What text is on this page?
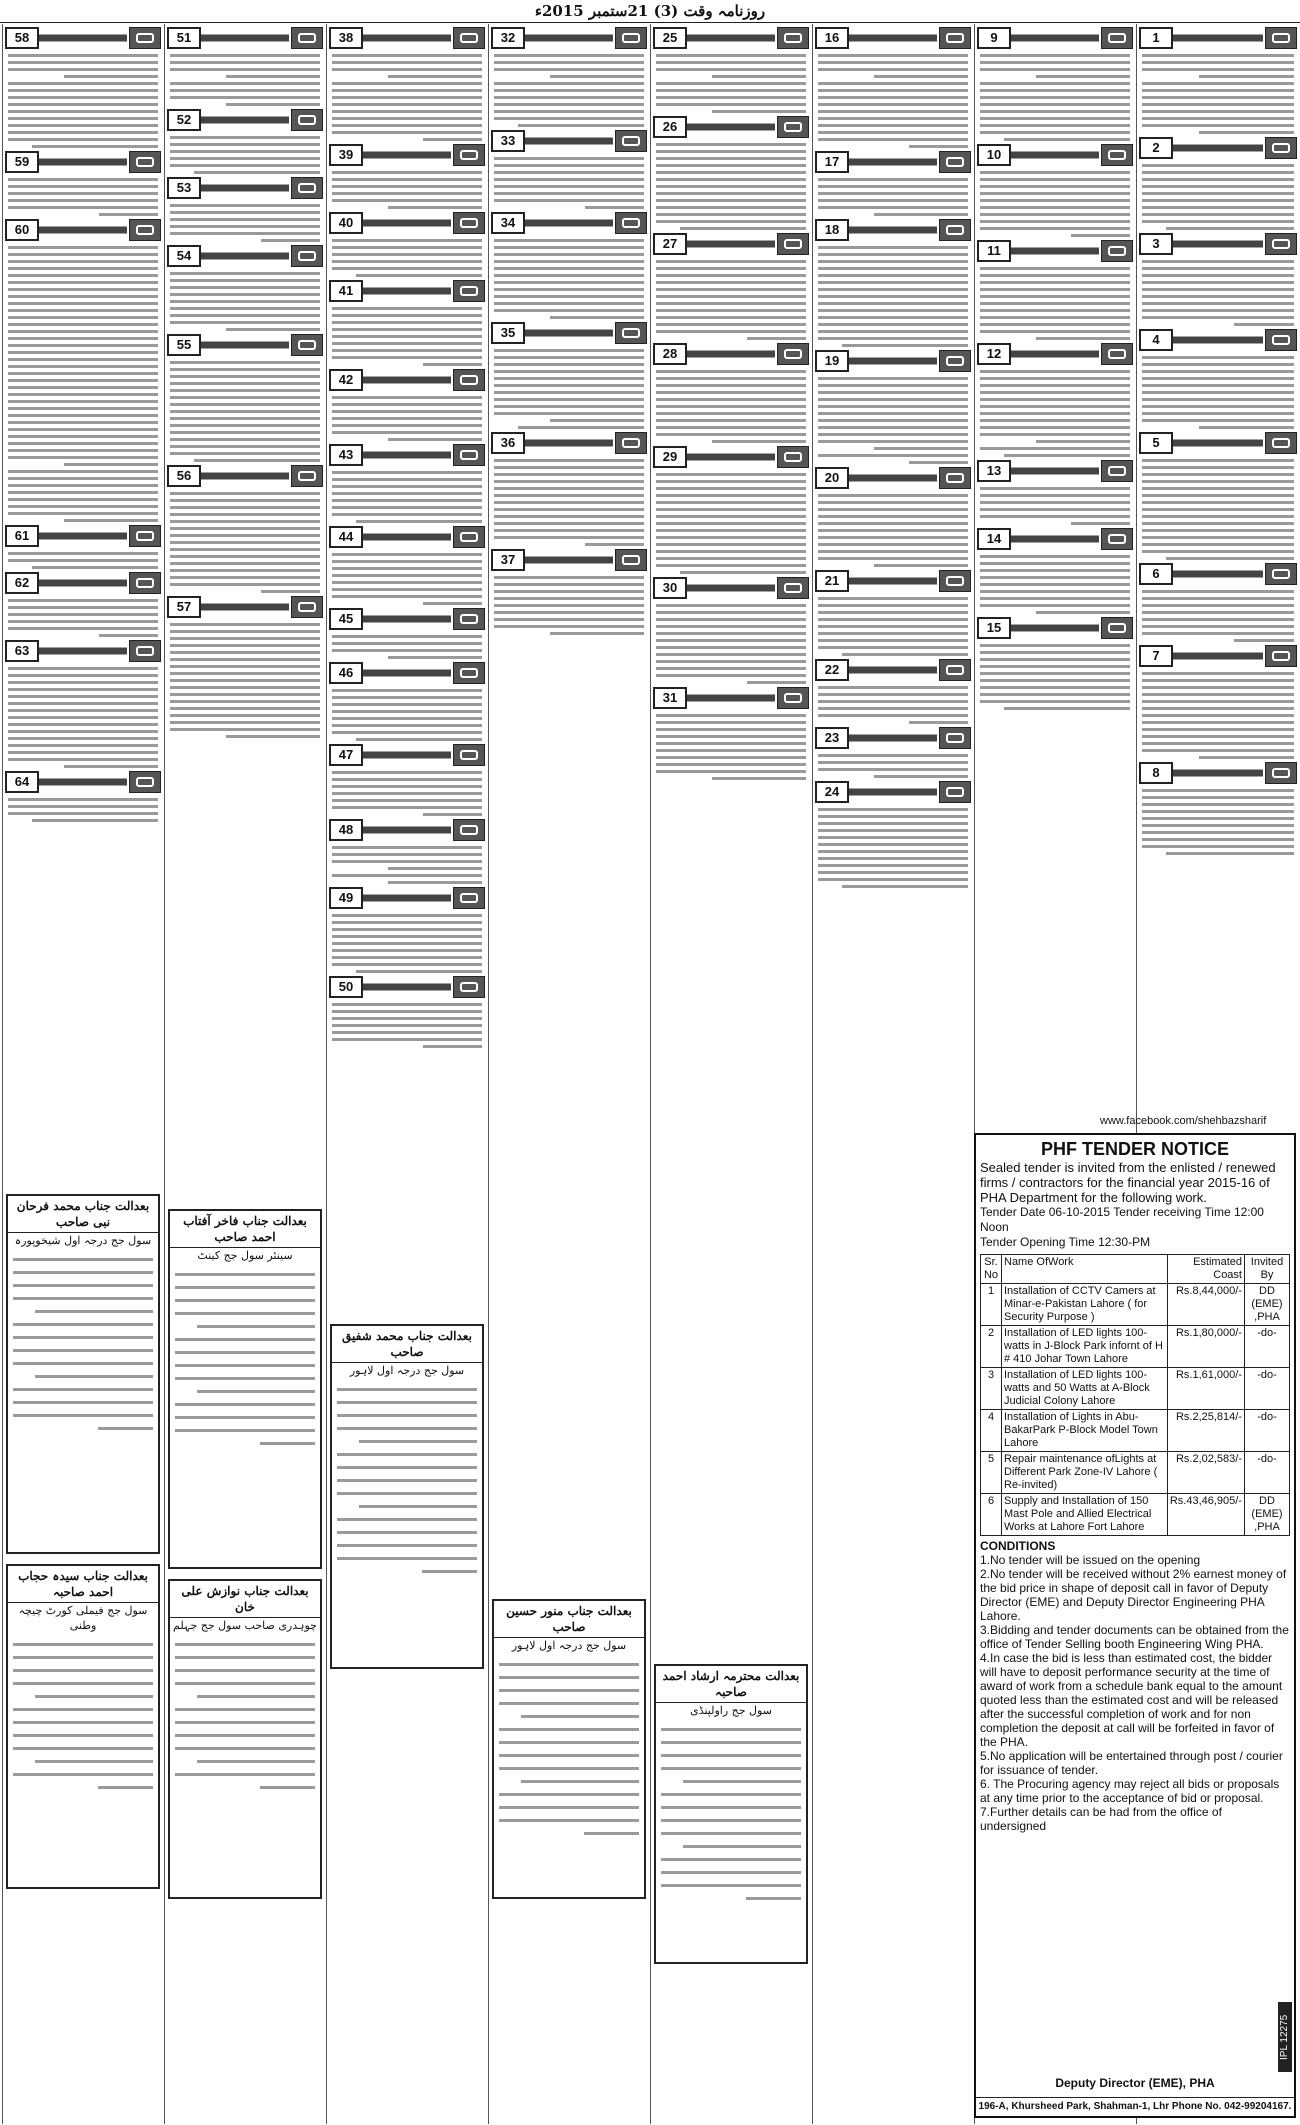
روزنامہ وقت (3) 21ستمبر 2015ء
1
2
3
4
5
6
7
8
9
10
11
12
13
14
15
16
17
18
19
20
21
22
23
24
25
26
27
28
29
30
31
بعدالت محترمہ ارشاد احمد صاحبہ
سول جج راولپنڈی
32
33
34
35
36
37
بعدالت جناب منور حسین صاحب
سول جج درجہ اول لاہور
38
39
40
41
42
43
44
45
46
47
48
49
50
بعدالت جناب محمد شفیق صاحب
سول جج درجہ اول لاہور
51
52
53
54
55
56
57
بعدالت جناب فاخر آفتاب احمد صاحب
سینئر سول جج کینٹ
بعدالت جناب نوازش علی خان
چوہدری صاحب سول جج جہلم
58
59
60
61
62
63
64
بعدالت جناب محمد فرحان نبی صاحب
سول جج درجہ اول شیخوپورہ
بعدالت جناب سیدہ حجاب احمد صاحبہ
سول جج فیملی کورٹ چیچہ وطنی
www.facebook.com/shehbazsharif
PHF TENDER NOTICE
Sealed tender is invited from the enlisted / renewed firms / contractors for the financial year 2015-16 of PHA Department for the following work.
Tender Date 06-10-2015 Tender receiving Time 12:00 Noon
Tender Opening Time 12:30-PM
Sr. No	Name OfWork	Estimated Coast	Invited By
1	Installation of CCTV Camers at Minar-e-Pakistan Lahore ( for Security Purpose )	Rs.8,44,000/-	DD (EME) ,PHA
2	Installation of LED lights 100-watts in J-Block Park infornt of H # 410 Johar Town Lahore	Rs.1,80,000/-	-do-
3	Installation of LED lights 100-watts and 50 Watts at A-Block Judicial Colony Lahore	Rs.1,61,000/-	-do-
4	Installation of Lights in Abu-BakarPark P-Block Model Town Lahore	Rs.2,25,814/-	-do-
5	Repair maintenance ofLights at Different Park Zone-IV Lahore ( Re-invited)	Rs.2,02,583/-	-do-
6	Supply and Installation of 150 Mast Pole and Allied Electrical Works at Lahore Fort Lahore	Rs.43,46,905/-	DD (EME) ,PHA
CONDITIONS
1.No tender will be issued on the opening
2.No tender will be received without 2% earnest money of the bid price in shape of deposit call in favor of Deputy Director (EME) and Deputy Director Engineering PHA Lahore.
3.Bidding and tender documents can be obtained from the office of Tender Selling booth Engineering Wing PHA.
4.In case the bid is less than estimated cost, the bidder will have to deposit performance security at the time of award of work from a schedule bank equal to the amount quoted less than the estimated cost and will be released after the successful completion of work and for non completion the deposit at call will be forfeited in favor of the PHA.
5.No application will be entertained through post / courier for issuance of tender.
6. The Procuring agency may reject all bids or proposals at any time prior to the acceptance of bid or proposal.
7.Further details can be had from the office of undersigned
Deputy Director (EME), PHA
196-A, Khursheed Park, Shahman-1, Lhr Phone No. 042-99204167.
IPL 12275
